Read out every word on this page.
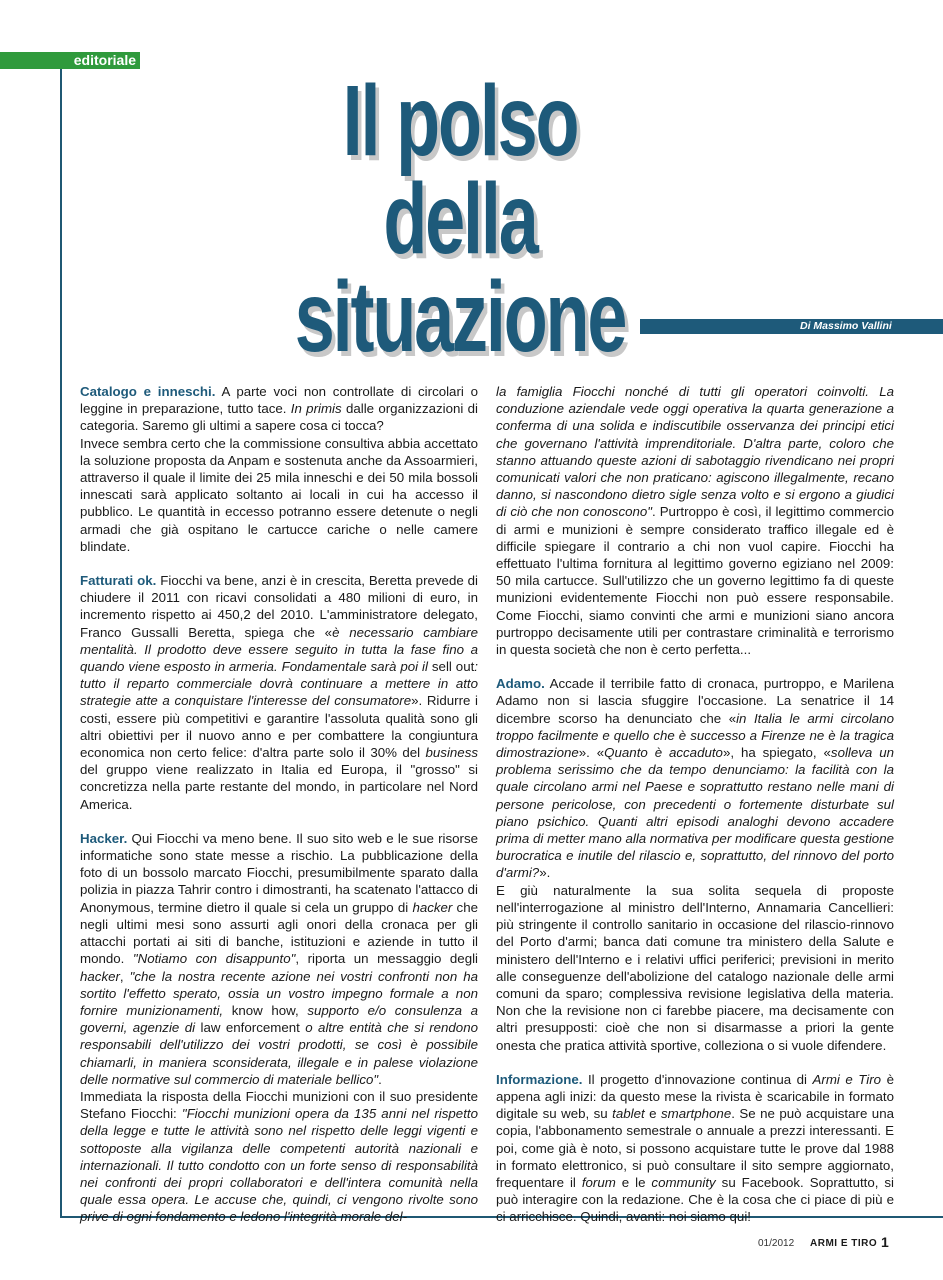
editoriale
Il polso
della situazione	Di Massimo Vallini

Catalogo e inneschi. A parte voci non controllate di circolari o leggine in preparazione, tutto tace. In primis dalle organizzazioni di categoria. Saremo gli ultimi a sapere cosa ci tocca?
Invece sembra certo che la commissione consultiva abbia accettato la soluzione proposta da Anpam e sostenuta anche da Assoarmieri, attraverso il quale il limite dei 25 mila inneschi e dei 50 mila bossoli innescati sarà applicato soltanto ai locali in cui ha accesso il pubblico. Le quantità in eccesso potranno essere detenute o negli armadi che già ospitano le cartucce cariche o nelle camere blindate.

Fatturati ok. Fiocchi va bene, anzi è in crescita, Beretta prevede di chiudere il 2011 con ricavi consolidati a 480 milioni di euro, in incremento rispetto ai 450,2 del 2010. L'amministratore delegato, Franco Gussalli Beretta, spiega che «è necessario cambiare mentalità. Il prodotto deve essere seguito in tutta la fase fino a quando viene esposto in armeria. Fondamentale sarà poi il sell out: tutto il reparto commerciale dovrà continuare a mettere in atto strategie atte a conquistare l'interesse del consumatore». Ridurre i costi, essere più competitivi e garantire l'assoluta qualità sono gli altri obiettivi per il nuovo anno e per combattere la congiuntura economica non certo felice: d'altra parte solo il 30% del business del gruppo viene realizzato in Italia ed Europa, il "grosso" si concretizza nella parte restante del mondo, in particolare nel Nord America.

Hacker. Qui Fiocchi va meno bene. Il suo sito web e le sue risorse informatiche sono state messe a rischio. La pubblicazione della foto di un bossolo marcato Fiocchi, presumibilmente sparato dalla polizia in piazza Tahrir contro i dimostranti, ha scatenato l'attacco di Anonymous, termine dietro il quale si cela un gruppo di hacker che negli ultimi mesi sono assurti agli onori della cronaca per gli attacchi portati ai siti di banche, istituzioni e aziende in tutto il mondo. "Notiamo con disappunto", riporta un messaggio degli hacker, "che la nostra recente azione nei vostri confronti non ha sortito l'effetto sperato, ossia un vostro impegno formale a non fornire munizionamenti, know how, supporto e/o consulenza a governi, agenzie di law enforcement o altre entità che si rendono responsabili dell'utilizzo dei vostri prodotti, se così è possibile chiamarli, in maniera sconsiderata, illegale e in palese violazione delle normative sul commercio di materiale bellico".
Immediata la risposta della Fiocchi munizioni con il suo presidente Stefano Fiocchi: "Fiocchi munizioni opera da 135 anni nel rispetto della legge e tutte le attività sono nel rispetto delle leggi vigenti e sottoposte alla vigilanza delle competenti autorità nazionali e internazionali. Il tutto condotto con un forte senso di responsabilità nei confronti dei propri collaboratori e dell'intera comunità nella quale essa opera. Le accuse che, quindi, ci vengono rivolte sono prive di ogni fondamento e ledono l'integrità morale del-

la famiglia Fiocchi nonché di tutti gli operatori coinvolti. La conduzione aziendale vede oggi operativa la quarta generazione a conferma di una solida e indiscutibile osservanza dei principi etici che governano l'attività imprenditoriale. D'altra parte, coloro che stanno attuando queste azioni di sabotaggio rivendicano nei propri comunicati valori che non praticano: agiscono illegalmente, recano danno, si nascondono dietro sigle senza volto e si ergono a giudici di ciò che non conoscono". Purtroppo è così, il legittimo commercio di armi e munizioni è sempre considerato traffico illegale ed è difficile spiegare il contrario a chi non vuol capire. Fiocchi ha effettuato l'ultima fornitura al legittimo governo egiziano nel 2009: 50 mila cartucce. Sull'utilizzo che un governo legittimo fa di queste munizioni evidentemente Fiocchi non può essere responsabile. Come Fiocchi, siamo convinti che armi e munizioni siano ancora purtroppo decisamente utili per contrastare criminalità e terrorismo in questa società che non è certo perfetta...

Adamo. Accade il terribile fatto di cronaca, purtroppo, e Marilena Adamo non si lascia sfuggire l'occasione. La senatrice il 14 dicembre scorso ha denunciato che «in Italia le armi circolano troppo facilmente e quello che è successo a Firenze ne è la tragica dimostrazione». «Quanto è accaduto», ha spiegato, «solleva un problema serissimo che da tempo denunciamo: la facilità con la quale circolano armi nel Paese e soprattutto restano nelle mani di persone pericolose, con precedenti o fortemente disturbate sul piano psichico. Quanti altri episodi analoghi devono accadere prima di metter mano alla normativa per modificare questa gestione burocratica e inutile del rilascio e, soprattutto, del rinnovo del porto d'armi?».
E giù naturalmente la sua solita sequela di proposte nell'interrogazione al ministro dell'Interno, Annamaria Cancellieri: più stringente il controllo sanitario in occasione del rilascio-rinnovo del Porto d'armi; banca dati comune tra ministero della Salute e ministero dell'Interno e i relativi uffici periferici; previsioni in merito alle conseguenze dell'abolizione del catalogo nazionale delle armi comuni da sparo; complessiva revisione legislativa della materia. Non che la revisione non ci farebbe piacere, ma decisamente con altri presupposti: cioè che non si disarmasse a priori la gente onesta che pratica attività sportive, colleziona o si vuole difendere.

Informazione. Il progetto d'innovazione continua di Armi e Tiro è appena agli inizi: da questo mese la rivista è scaricabile in formato digitale su web, su tablet e smartphone. Se ne può acquistare una copia, l'abbonamento semestrale o annuale a prezzi interessanti. E poi, come già è noto, si possono acquistare tutte le prove dal 1988 in formato elettronico, si può consultare il sito sempre aggiornato, frequentare il forum e le community su Facebook. Soprattutto, si può interagire con la redazione. Che è la cosa che ci piace di più e ci arricchisce. Quindi, avanti: noi siamo qui!

01/2012 ARMI E TIRO 1
